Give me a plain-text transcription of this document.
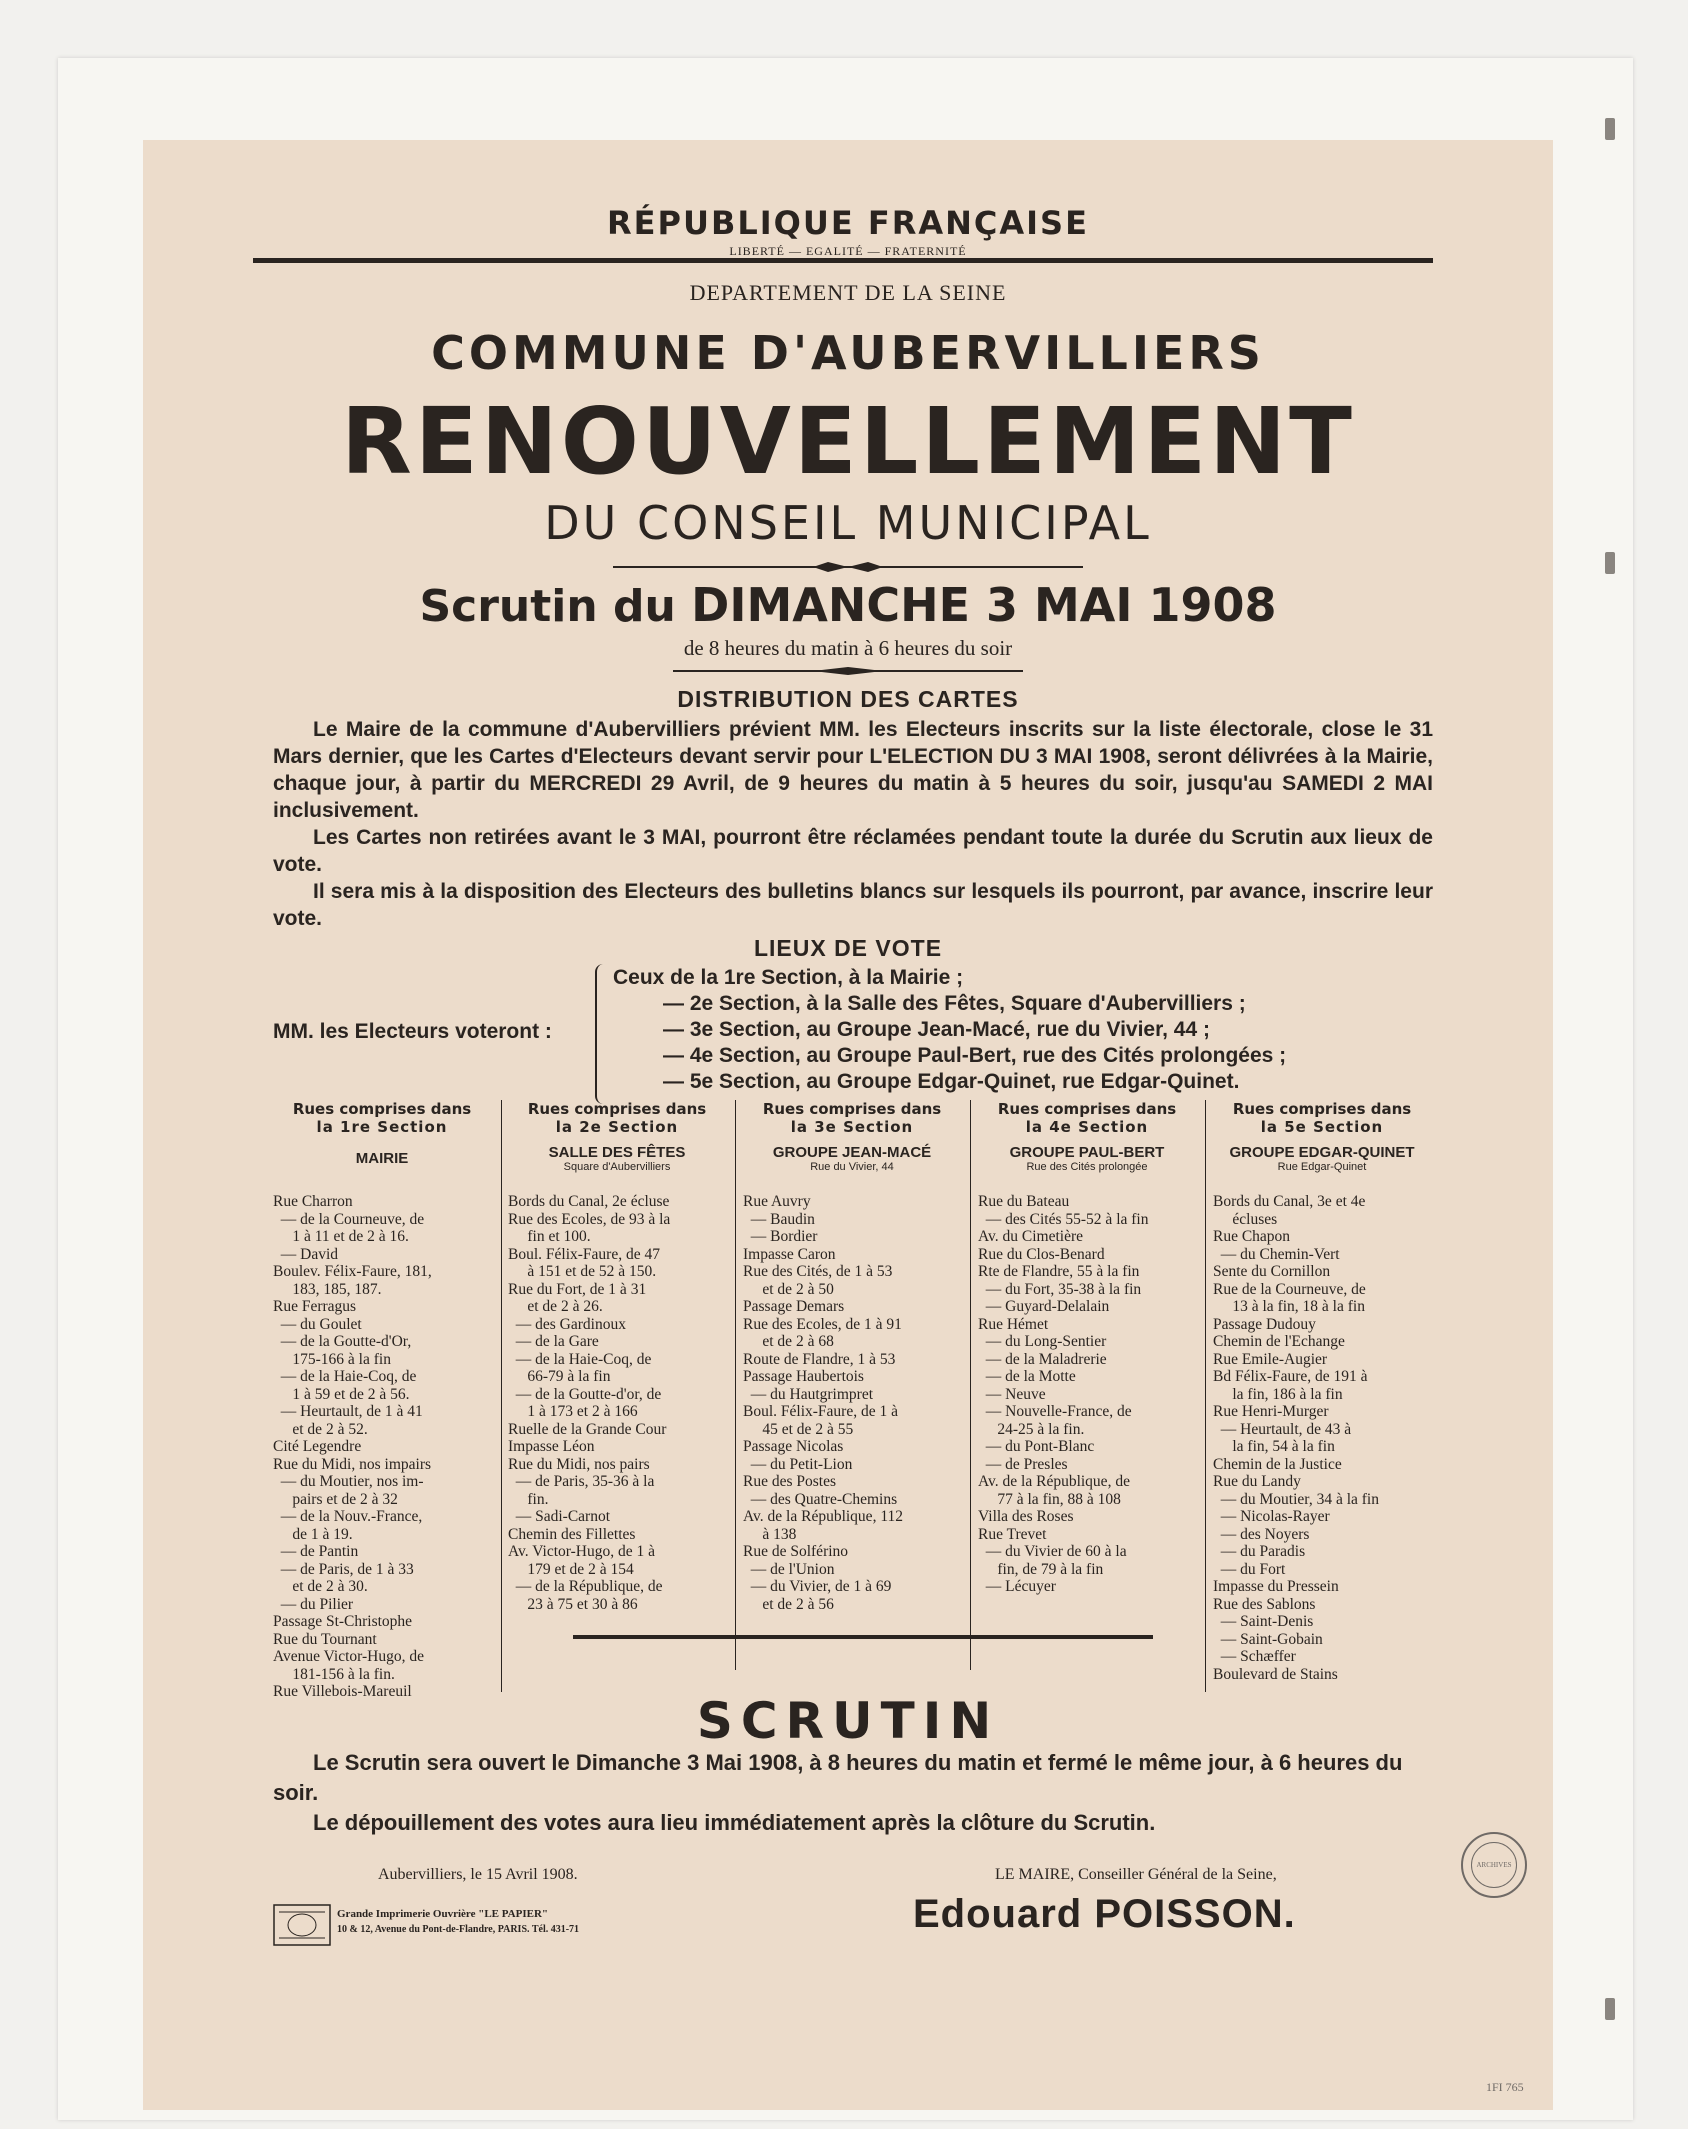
RÉPUBLIQUE FRANÇAISE
LIBERTÉ — EGALITÉ — FRATERNITÉ
DEPARTEMENT DE LA SEINE
COMMUNE D'AUBERVILLIERS
RENOUVELLEMENT
DU CONSEIL MUNICIPAL
Scrutin du DIMANCHE 3 MAI 1908
de 8 heures du matin à 6 heures du soir
DISTRIBUTION DES CARTES
Le Maire de la commune d'Aubervilliers prévient MM. les Electeurs inscrits sur la liste électorale, close le 31 Mars dernier, que les Cartes d'Electeurs devant servir pour L'ELECTION DU 3 MAI 1908, seront délivrées à la Mairie, chaque jour, à partir du MERCREDI 29 Avril, de 9 heures du matin à 5 heures du soir, jusqu'au SAMEDI 2 MAI inclusivement.
Les Cartes non retirées avant le 3 MAI, pourront être réclamées pendant toute la durée du Scrutin aux lieux de vote.
Il sera mis à la disposition des Electeurs des bulletins blancs sur lesquels ils pourront, par avance, inscrire leur vote.
LIEUX DE VOTE
MM. les Electeurs voteront :
Ceux de la 1re Section, à la Mairie ;
— 2e Section, à la Salle des Fêtes, Square d'Aubervilliers ;
— 3e Section, au Groupe Jean-Macé, rue du Vivier, 44 ;
— 4e Section, au Groupe Paul-Bert, rue des Cités prolongées ;
— 5e Section, au Groupe Edgar-Quinet, rue Edgar-Quinet.
Rues comprises dans
la 1re Section
MAIRIE
Rue Charron
— de la Courneuve, de
1 à 11 et de 2 à 16.
— David
Boulev. Félix-Faure, 181,
183, 185, 187.
Rue Ferragus
— du Goulet
— de la Goutte-d'Or,
175-166 à la fin
— de la Haie-Coq, de
1 à 59 et de 2 à 56.
— Heurtault, de 1 à 41
et de 2 à 52.
Cité Legendre
Rue du Midi, nos impairs
— du Moutier, nos im-
pairs et de 2 à 32
— de la Nouv.-France,
de 1 à 19.
— de Pantin
— de Paris, de 1 à 33
et de 2 à 30.
— du Pilier
Passage St-Christophe
Rue du Tournant
Avenue Victor-Hugo, de
181-156 à la fin.
Rue Villebois-Mareuil
Rues comprises dans
la 2e Section
SALLE DES FÊTES
Square d'Aubervilliers
Bords du Canal, 2e écluse
Rue des Ecoles, de 93 à la
fin et 100.
Boul. Félix-Faure, de 47
à 151 et de 52 à 150.
Rue du Fort, de 1 à 31
et de 2 à 26.
— des Gardinoux
— de la Gare
— de la Haie-Coq, de
66-79 à la fin
— de la Goutte-d'or, de
1 à 173 et 2 à 166
Ruelle de la Grande Cour
Impasse Léon
Rue du Midi, nos pairs
— de Paris, 35-36 à la
fin.
— Sadi-Carnot
Chemin des Fillettes
Av. Victor-Hugo, de 1 à
179 et de 2 à 154
— de la République, de
23 à 75 et 30 à 86
Rues comprises dans
la 3e Section
GROUPE JEAN-MACÉ
Rue du Vivier, 44
Rue Auvry
— Baudin
— Bordier
Impasse Caron
Rue des Cités, de 1 à 53
et de 2 à 50
Passage Demars
Rue des Ecoles, de 1 à 91
et de 2 à 68
Route de Flandre, 1 à 53
Passage Haubertois
— du Hautgrimpret
Boul. Félix-Faure, de 1 à
45 et de 2 à 55
Passage Nicolas
— du Petit-Lion
Rue des Postes
— des Quatre-Chemins
Av. de la République, 112
à 138
Rue de Solférino
— de l'Union
— du Vivier, de 1 à 69
et de 2 à 56
Rues comprises dans
la 4e Section
GROUPE PAUL-BERT
Rue des Cités prolongée
Rue du Bateau
— des Cités 55-52 à la fin
Av. du Cimetière
Rue du Clos-Benard
Rte de Flandre, 55 à la fin
— du Fort, 35-38 à la fin
— Guyard-Delalain
Rue Hémet
— du Long-Sentier
— de la Maladrerie
— de la Motte
— Neuve
— Nouvelle-France, de
24-25 à la fin.
— du Pont-Blanc
— de Presles
Av. de la République, de
77 à la fin, 88 à 108
Villa des Roses
Rue Trevet
— du Vivier de 60 à la
fin, de 79 à la fin
— Lécuyer
Rues comprises dans
la 5e Section
GROUPE EDGAR-QUINET
Rue Edgar-Quinet
Bords du Canal, 3e et 4e
écluses
Rue Chapon
— du Chemin-Vert
Sente du Cornillon
Rue de la Courneuve, de
13 à la fin, 18 à la fin
Passage Dudouy
Chemin de l'Echange
Rue Emile-Augier
Bd Félix-Faure, de 191 à
la fin, 186 à la fin
Rue Henri-Murger
— Heurtault, de 43 à
la fin, 54 à la fin
Chemin de la Justice
Rue du Landy
— du Moutier, 34 à la fin
— Nicolas-Rayer
— des Noyers
— du Paradis
— du Fort
Impasse du Pressein
Rue des Sablons
— Saint-Denis
— Saint-Gobain
— Schæffer
Boulevard de Stains
SCRUTIN
Le Scrutin sera ouvert le Dimanche 3 Mai 1908, à 8 heures du matin et fermé le même jour, à 6 heures du soir.
Le dépouillement des votes aura lieu immédiatement après la clôture du Scrutin.
Aubervilliers, le 15 Avril 1908.	LE MAIRE, Conseiller Général de la Seine,
Edouard POISSON.
Grande Imprimerie Ouvrière "LE PAPIER"
10 & 12, Avenue du Pont-de-Flandre, PARIS. Tél. 431-71
ARCHIVES
1FI 765
